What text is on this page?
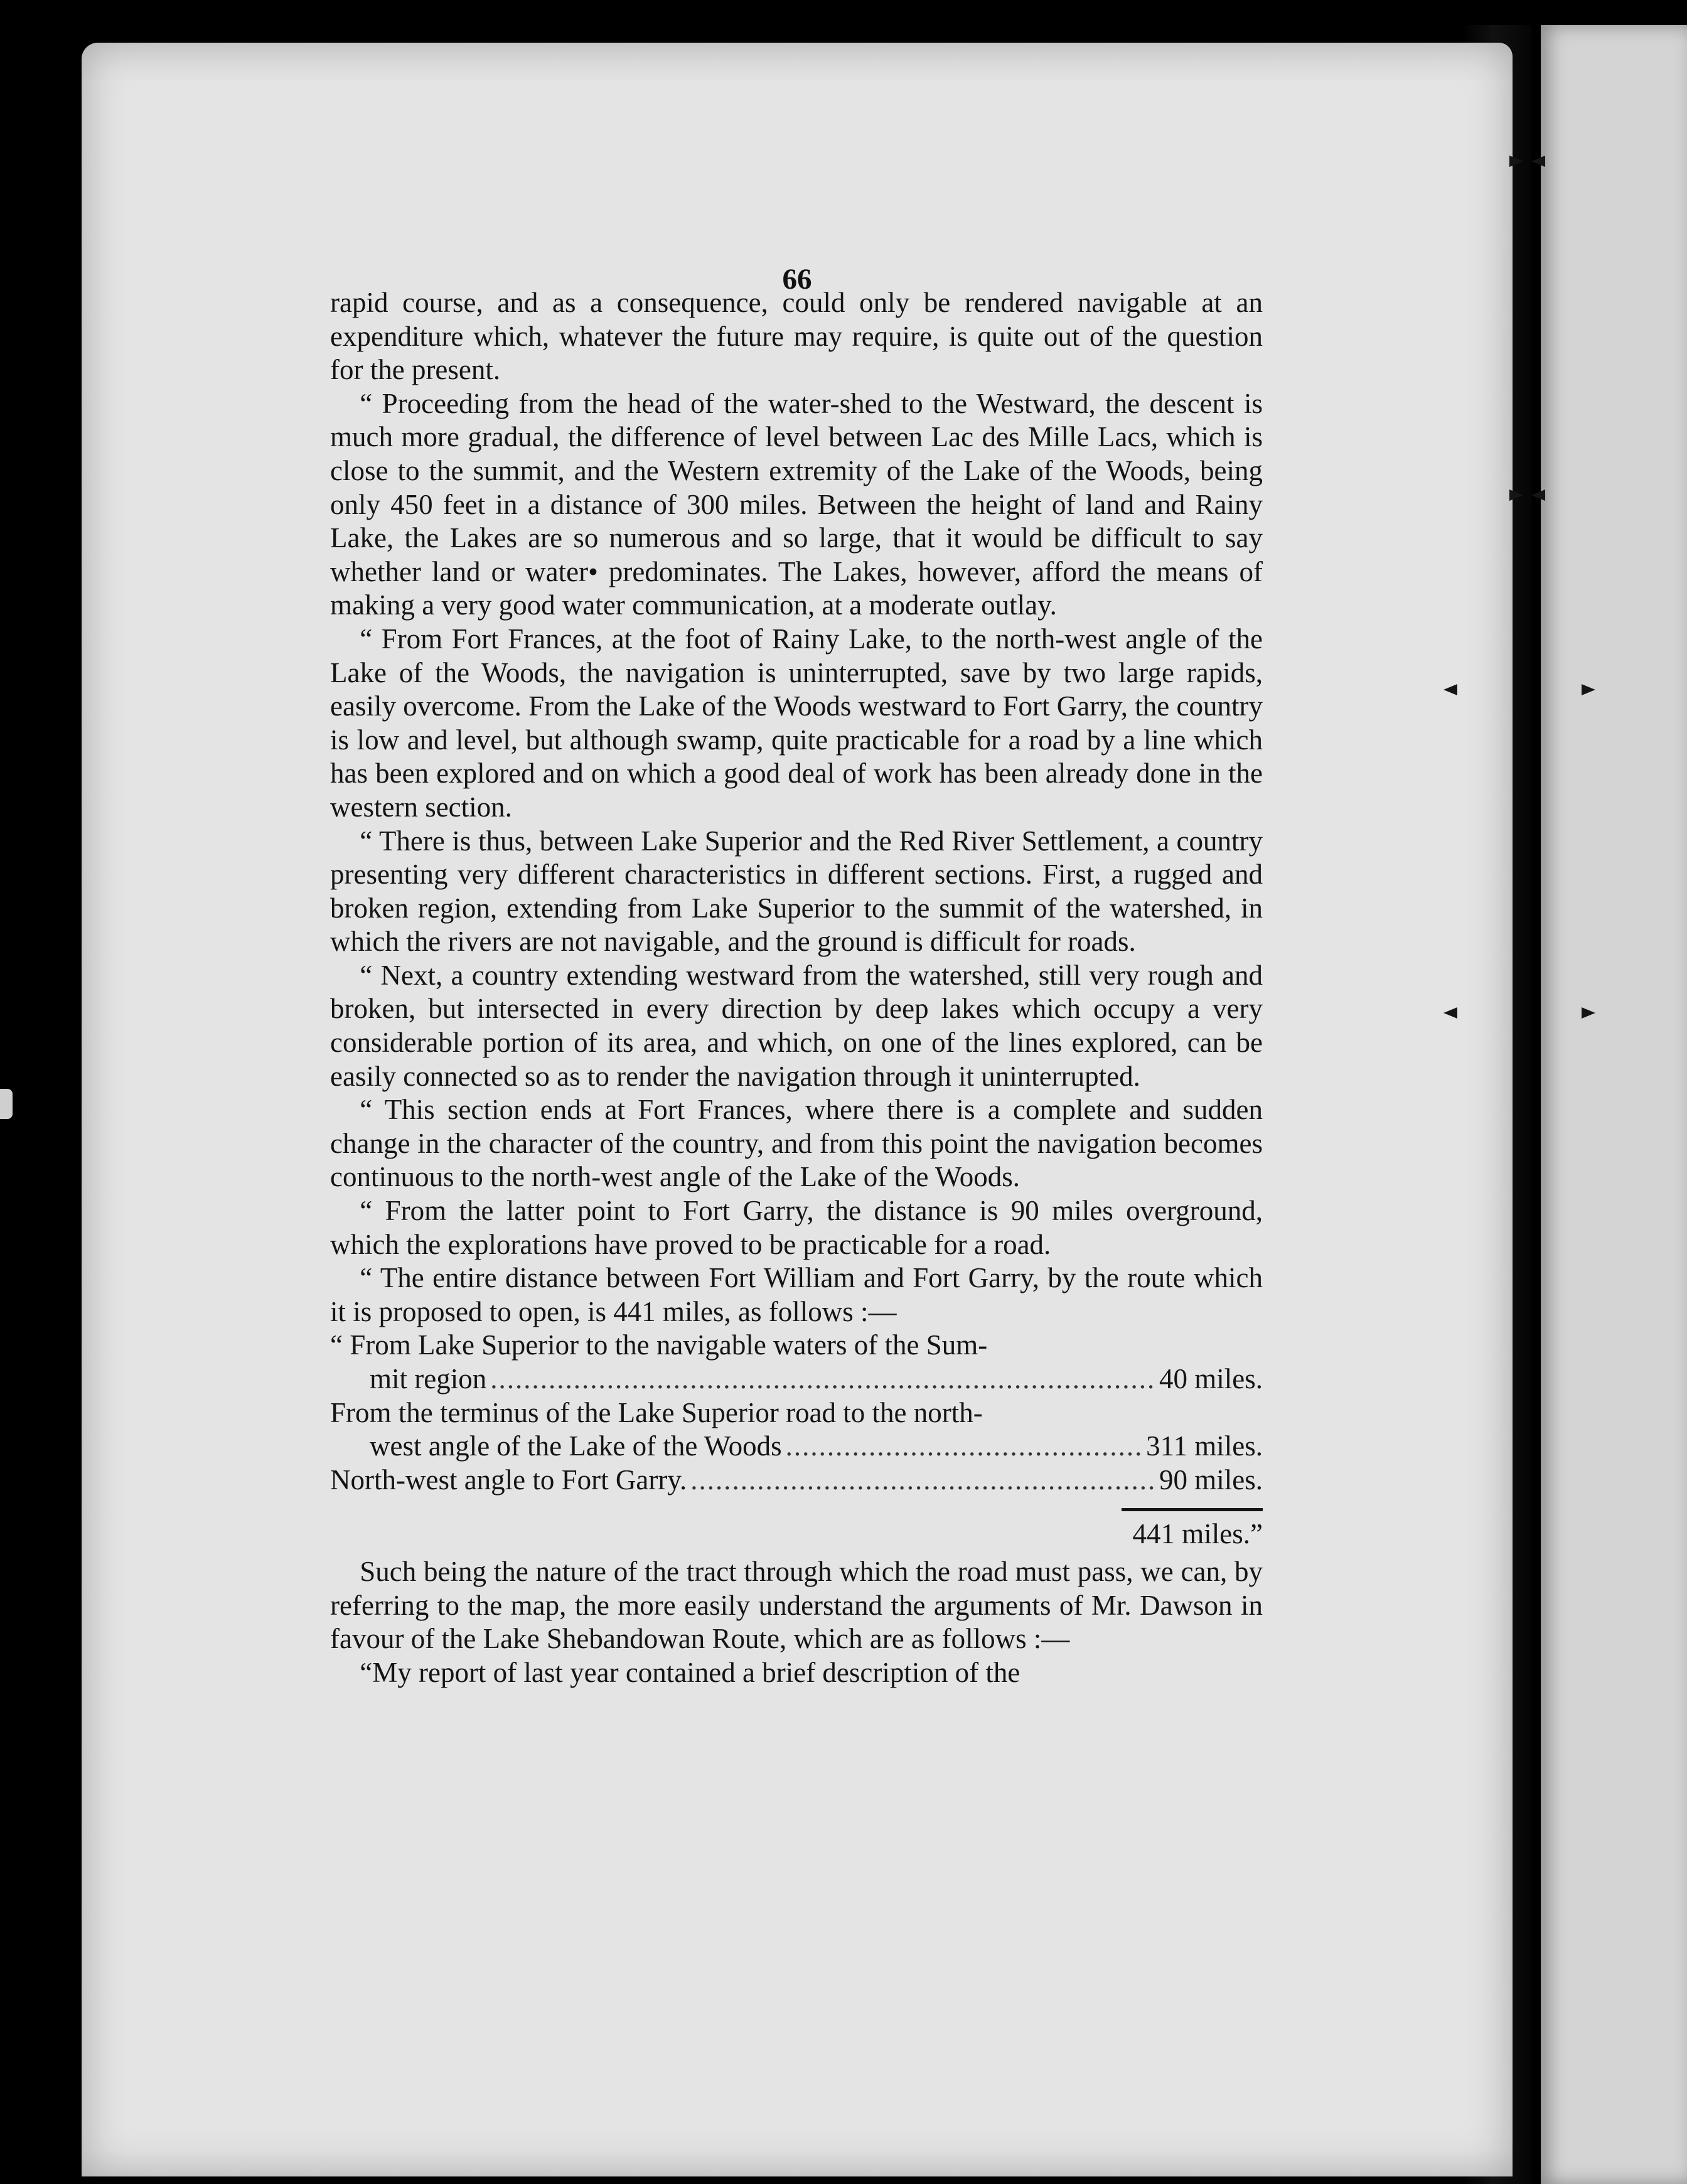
66

rapid course, and as a consequence, could only be rendered navigable at an expenditure which, whatever the future may require, is quite out of the question for the present.

“ Proceeding from the head of the water-shed to the Westward, the descent is much more gradual, the difference of level between Lac des Mille Lacs, which is close to the summit, and the Western extremity of the Lake of the Woods, being only 450 feet in a distance of 300 miles. Between the height of land and Rainy Lake, the Lakes are so numerous and so large, that it would be difficult to say whether land or water• predominates. The Lakes, however, afford the means of making a very good water communication, at a moderate outlay.

“ From Fort Frances, at the foot of Rainy Lake, to the north-west angle of the Lake of the Woods, the navigation is uninterrupted, save by two large rapids, easily overcome. From the Lake of the Woods westward to Fort Garry, the country is low and level, but although swamp, quite practicable for a road by a line which has been explored and on which a good deal of work has been already done in the western section.

“ There is thus, between Lake Superior and the Red River Settlement, a country presenting very different characteristics in different sections. First, a rugged and broken region, extending from Lake Superior to the summit of the watershed, in which the rivers are not navigable, and the ground is difficult for roads.

“ Next, a country extending westward from the watershed, still very rough and broken, but intersected in every direction by deep lakes which occupy a very considerable portion of its area, and which, on one of the lines explored, can be easily connected so as to render the navigation through it uninterrupted.

“ This section ends at Fort Frances, where there is a complete and sudden change in the character of the country, and from this point the navigation becomes continuous to the north-west angle of the Lake of the Woods.

“ From the latter point to Fort Garry, the distance is 90 miles overground, which the explorations have proved to be practicable for a road.

“ The entire distance between Fort William and Fort Garry, by the route which it is proposed to open, is 441 miles, as follows :—

“ From Lake Superior to the navigable waters of the Sum-

mit region .....	40 miles.

From the terminus of the Lake Superior road to the north-

west angle of the Lake of the Woods .....	311 miles.
North-west angle to Fort Garry. .....	90 miles.

441 miles.”

Such being the nature of the tract through which the road must pass, we can, by referring to the map, the more easily understand the arguments of Mr. Dawson in favour of the Lake Shebandowan Route, which are as follows :—

“My report of last year contained a brief description of the
